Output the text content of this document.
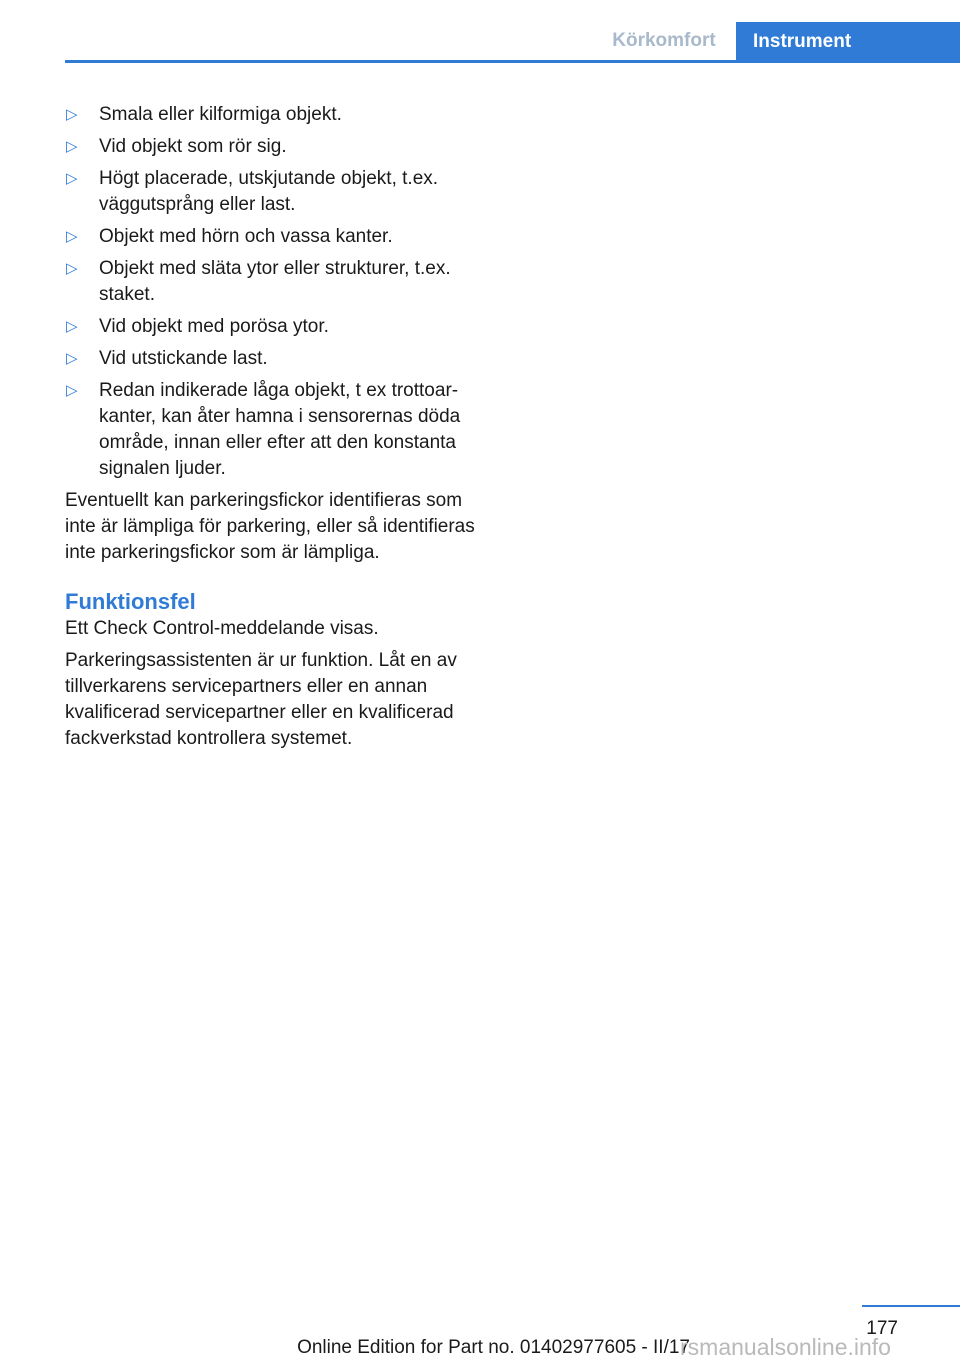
Körkomfort	Instrument
▷ Smala eller kilformiga objekt.
▷ Vid objekt som rör sig.
▷ Högt placerade, utskjutande objekt, t.ex. väggutsprång eller last.
▷ Objekt med hörn och vassa kanter.
▷ Objekt med släta ytor eller strukturer, t.ex. staket.
▷ Vid objekt med porösa ytor.
▷ Vid utstickande last.
▷ Redan indikerade låga objekt, t ex trottoarkanter, kan åter hamna i sensorernas döda område, innan eller efter att den konstanta signalen ljuder.

Eventuellt kan parkeringsfickor identifieras som inte är lämpliga för parkering, eller så identifieras inte parkeringsfickor som är lämpliga.

Funktionsfel

Ett Check Control-meddelande visas.

Parkeringsassistenten är ur funktion. Låt en av tillverkarens servicepartners eller en annan kvalificerad servicepartner eller en kvalificerad fackverkstad kontrollera systemet.

177
Online Edition for Part no. 01402977605 - II/17
rsmanualsonline.info
